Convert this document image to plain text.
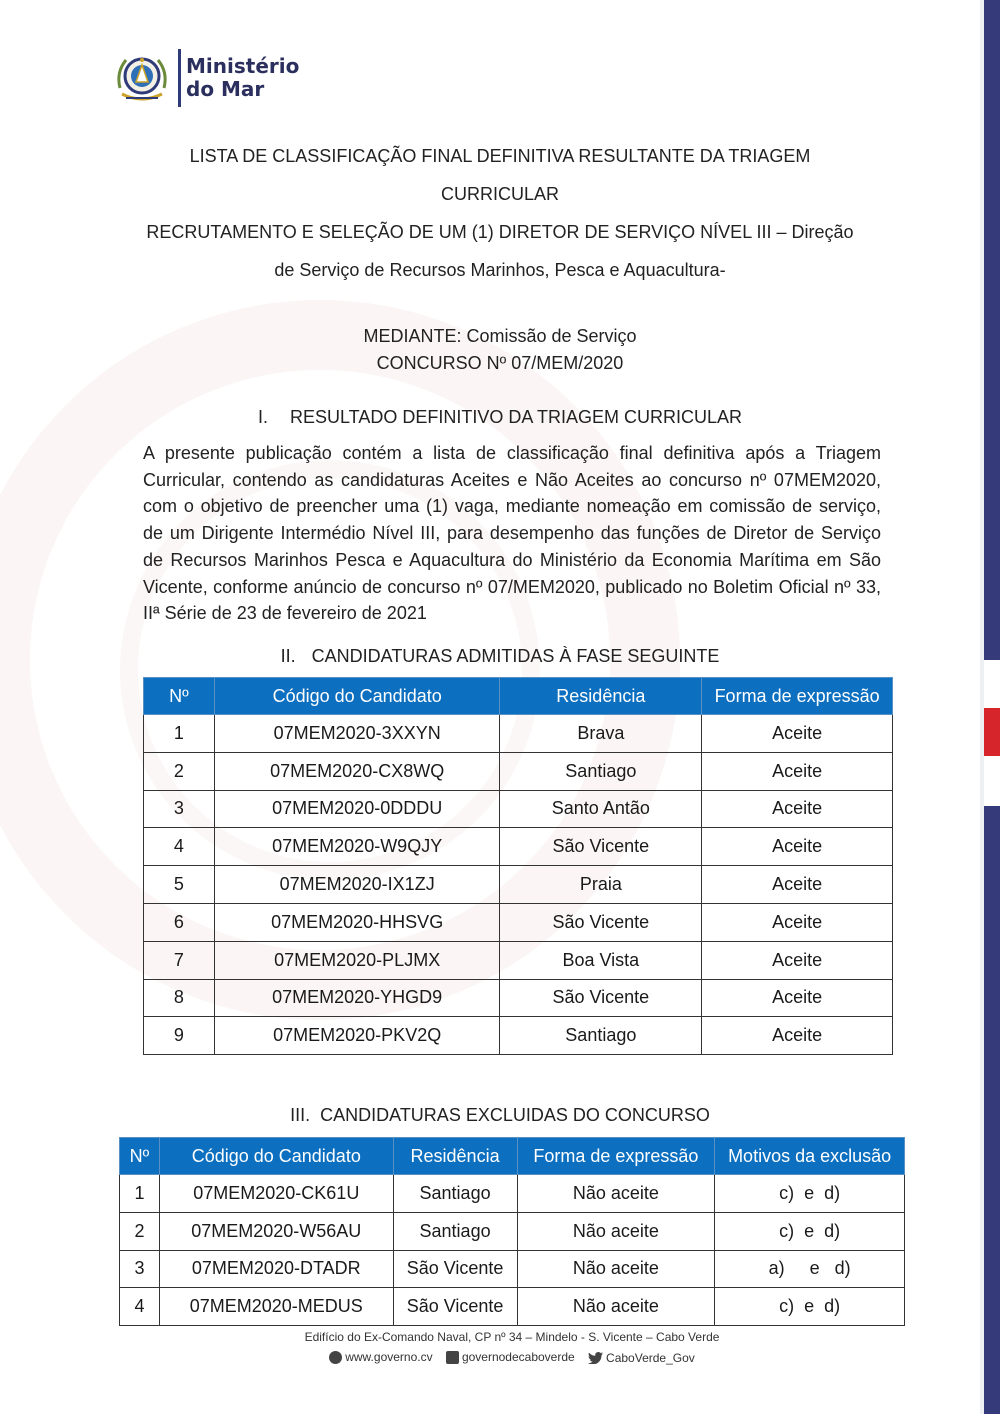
Ministério
do Mar
LISTA DE CLASSIFICAÇÃO FINAL DEFINITIVA RESULTANTE DA TRIAGEM
CURRICULAR
RECRUTAMENTO E SELEÇÃO DE UM (1) DIRETOR DE SERVIÇO NÍVEL III – Direção
de Serviço de Recursos Marinhos, Pesca e Aquacultura-
MEDIANTE: Comissão de Serviço
CONCURSO Nº 07/MEM/2020
I. RESULTADO DEFINITIVO DA TRIAGEM CURRICULAR
A presente publicação contém a lista de classificação final definitiva após a Triagem Curricular, contendo as candidaturas Aceites e Não Aceites ao concurso nº 07MEM2020, com o objetivo de preencher uma (1) vaga, mediante nomeação em comissão de serviço, de um Dirigente Intermédio Nível III, para desempenho das funções de Diretor de Serviço de Recursos Marinhos Pesca e Aquacultura do Ministério da Economia Marítima em São Vicente, conforme anúncio de concurso nº 07/MEM2020, publicado no Boletim Oficial nº 33, IIª Série de 23 de fevereiro de 2021
II. CANDIDATURAS ADMITIDAS À FASE SEGUINTE
Nº	Código do Candidato	Residência	Forma de expressão
1	07MEM2020-3XXYN	Brava	Aceite
2	07MEM2020-CX8WQ	Santiago	Aceite
3	07MEM2020-0DDDU	Santo Antão	Aceite
4	07MEM2020-W9QJY	São Vicente	Aceite
5	07MEM2020-IX1ZJ	Praia	Aceite
6	07MEM2020-HHSVG	São Vicente	Aceite
7	07MEM2020-PLJMX	Boa Vista	Aceite
8	07MEM2020-YHGD9	São Vicente	Aceite
9	07MEM2020-PKV2Q	Santiago	Aceite
III. CANDIDATURAS EXCLUIDAS DO CONCURSO
Nº	Código do Candidato	Residência	Forma de expressão	Motivos da exclusão
1	07MEM2020-CK61U	Santiago	Não aceite	c)  e  d)
2	07MEM2020-W56AU	Santiago	Não aceite	c)  e  d)
3	07MEM2020-DTADR	São Vicente	Não aceite	a)     e   d)
4	07MEM2020-MEDUS	São Vicente	Não aceite	c)  e  d)
Edifício do Ex-Comando Naval, CP nº 34 – Mindelo - S. Vicente – Cabo Verde
www.governo.cv
governodecaboverde
	CaboVerde_Gov
